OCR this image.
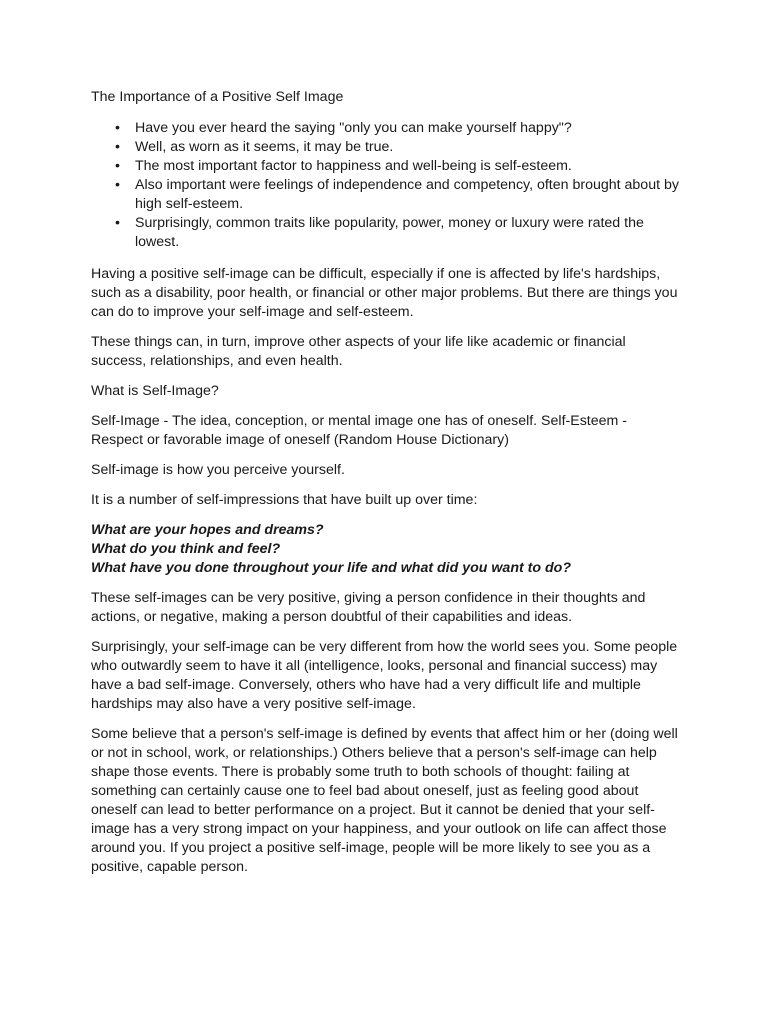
The Importance of a Positive Self Image
• Have you ever heard the saying "only you can make yourself happy"?
• Well, as worn as it seems, it may be true.
• The most important factor to happiness and well-being is self-esteem.
• Also important were feelings of independence and competency, often brought about by high self-esteem.
• Surprisingly, common traits like popularity, power, money or luxury were rated the lowest.

Having a positive self-image can be difficult, especially if one is affected by life's hardships, such as a disability, poor health, or financial or other major problems. But there are things you can do to improve your self-image and self-esteem.

These things can, in turn, improve other aspects of your life like academic or financial success, relationships, and even health.

What is Self-Image?

Self-Image - The idea, conception, or mental image one has of oneself. Self-Esteem - Respect or favorable image of oneself (Random House Dictionary)

Self-image is how you perceive yourself.

It is a number of self-impressions that have built up over time:

What are your hopes and dreams?
What do you think and feel?
What have you done throughout your life and what did you want to do?

These self-images can be very positive, giving a person confidence in their thoughts and actions, or negative, making a person doubtful of their capabilities and ideas.

Surprisingly, your self-image can be very different from how the world sees you. Some people who outwardly seem to have it all (intelligence, looks, personal and financial success) may have a bad self-image. Conversely, others who have had a very difficult life and multiple hardships may also have a very positive self-image.

Some believe that a person's self-image is defined by events that affect him or her (doing well or not in school, work, or relationships.) Others believe that a person's self-image can help shape those events. There is probably some truth to both schools of thought: failing at something can certainly cause one to feel bad about oneself, just as feeling good about oneself can lead to better performance on a project. But it cannot be denied that your self-image has a very strong impact on your happiness, and your outlook on life can affect those around you. If you project a positive self-image, people will be more likely to see you as a positive, capable person.
